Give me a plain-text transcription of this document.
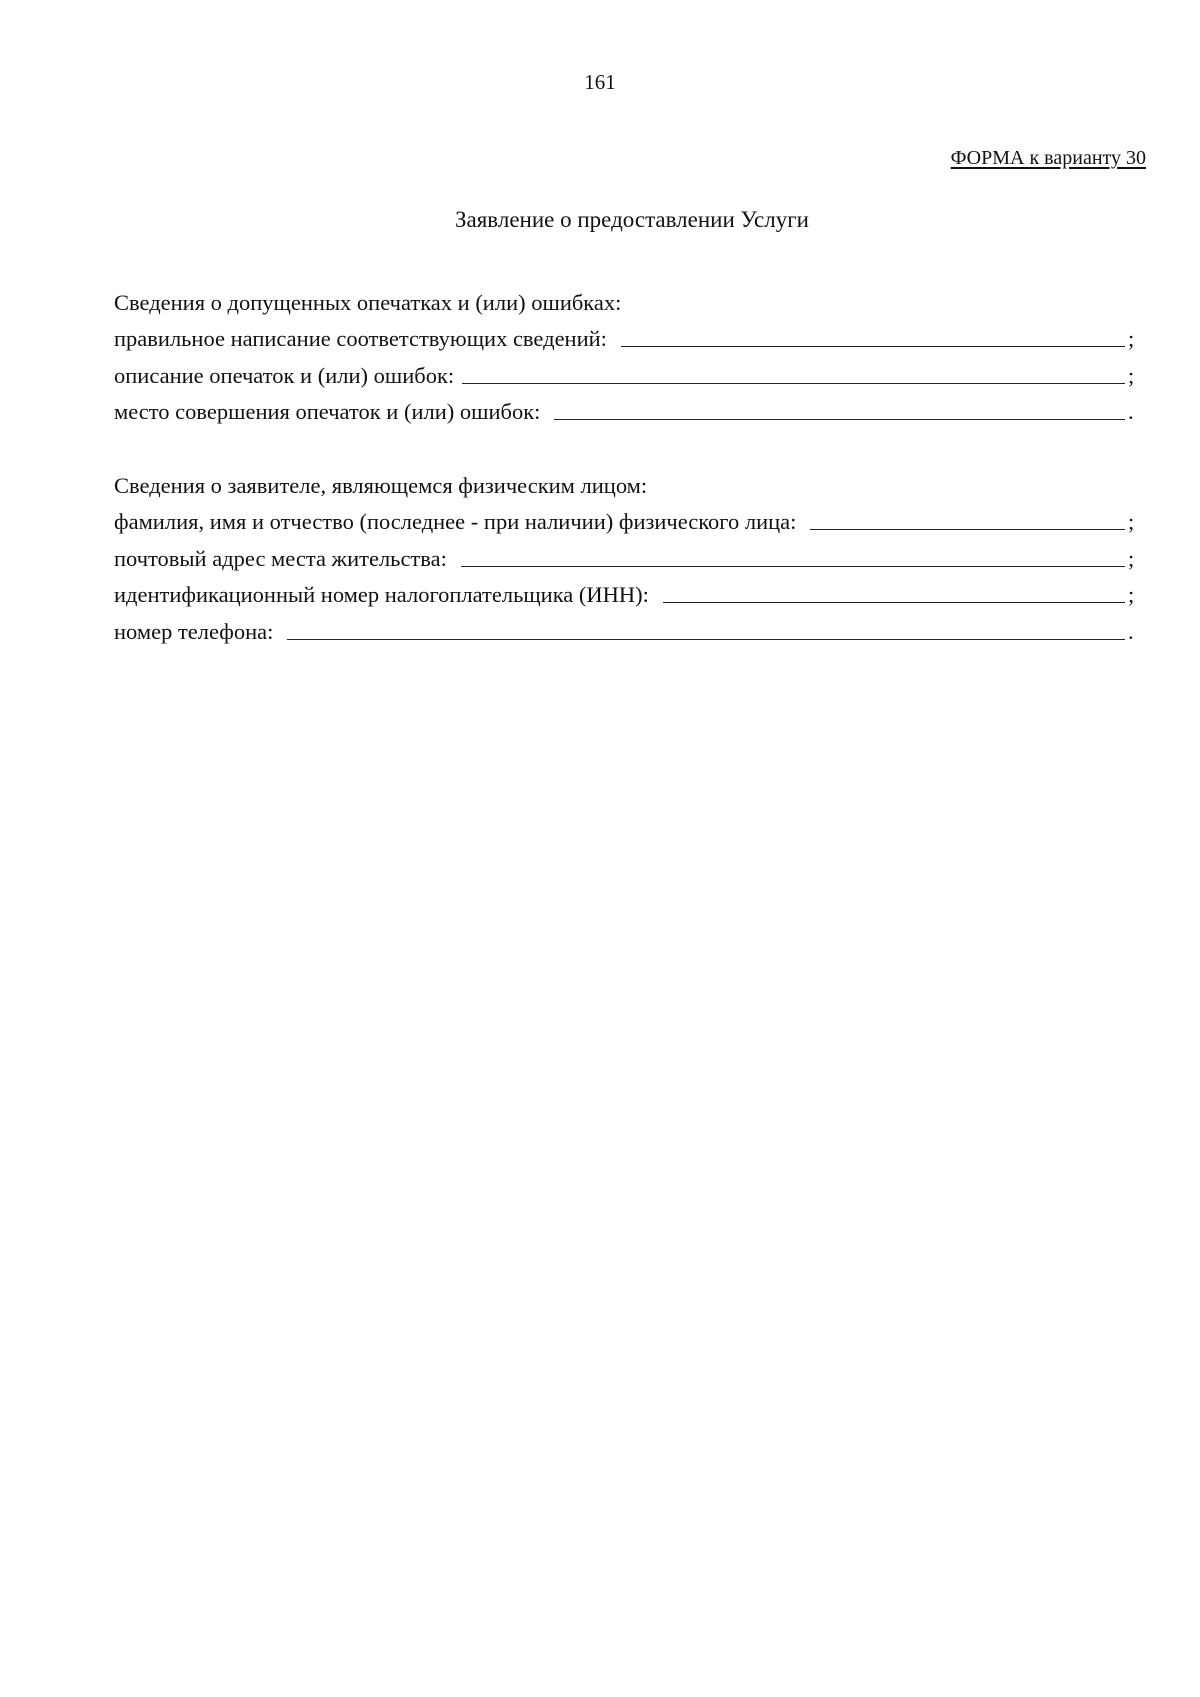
161
ФОРМА к варианту 30
Заявление о предоставлении Услуги
Сведения о допущенных опечатках и (или) ошибках:
правильное написание соответствующих сведений:	;
описание опечаток и (или) ошибок:	;
место совершения опечаток и (или) ошибок:	.
Сведения о заявителе, являющемся физическим лицом:
фамилия, имя и отчество (последнее - при наличии) физического лица:	;
почтовый адрес места жительства:	;
идентификационный номер налогоплательщика (ИНН):	;
номер телефона:	.
